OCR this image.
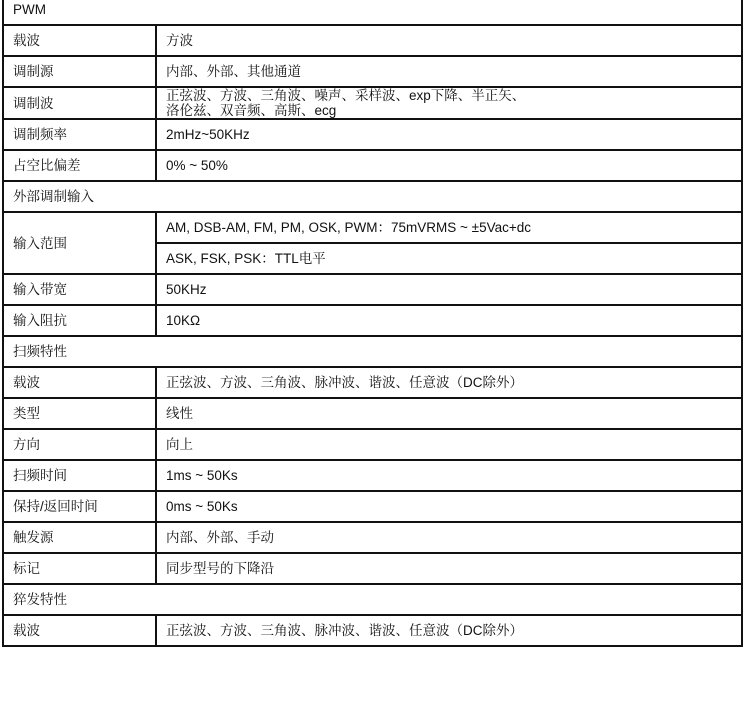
PWM	
载波	方波

调制源	内部、外部、其他通道

调制波	正弦波、方波、三角波、噪声、采样波、exp下降、半正矢、
洛伦兹、双音频、高斯、ecg

调制频率	2mHz~50KHz

占空比偏差	0% ~ 50%

外部调制输入	
输入范围	AM, DSB-AM, FM, PM, OSK, PWM：75mVRMS ~ ±5Vac+dc
	ASK, FSK, PSK：TTL电平
输入带宽	50KHz

输入阻抗	10KΩ

扫频特性	
载波	正弦波、方波、三角波、脉冲波、谐波、任意波（DC除外）

类型	线性

方向	向上

扫频时间	1ms ~ 50Ks

保持/返回时间	0ms ~ 50Ks

触发源	内部、外部、手动

标记	同步型号的下降沿

猝发特性	
载波	正弦波、方波、三角波、脉冲波、谐波、任意波（DC除外）
